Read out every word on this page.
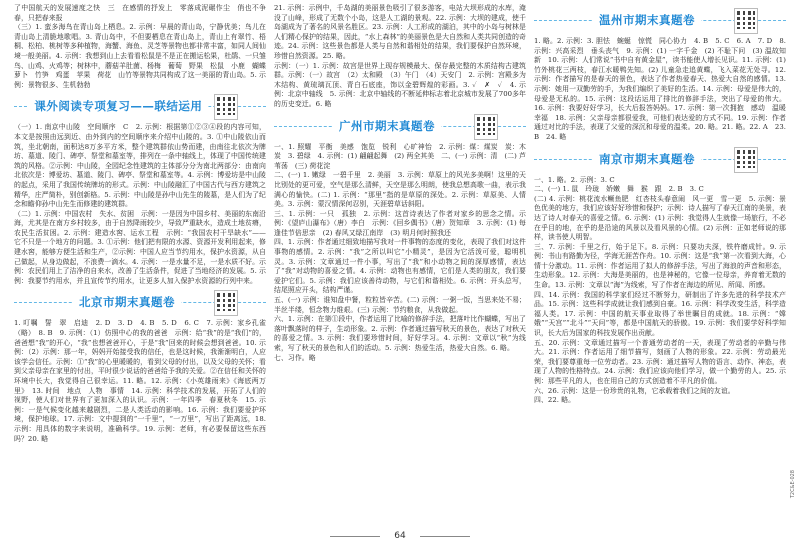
了中国航天的发展速度之快　三　在感情的抒发上　零落成泥碾作尘　俏也不争春，只把春来报

（三）1. 蛮多海鸟在青山岛上栖息。2. 示例：早晨的青山岛，宁静优美；鸟儿在青山岛上清脆地歌唱。3. 青山岛中，不但要栖息在青山岛上，青山上有翠竹、梧桐、松柏、桃树等多种植物，海蟹、海鱼、灵芝等景物也都非常丰富，如同人间仙境一般美丽。4. 示例：我想到山上去看看松鼠是不是正在搬运松果，杜鹃、一只雏鸟、山鸡、火鸡等；树林中，蘑菇羊肚菌、杨梅　葡萄　野果　松鼠　小鹿　蝴蝶　萝卜　竹笋　鸡蛋　苹果　荷花　山竹等景物共同构成了这一美丽的青山岛。5. 示例：景物很多、生机勃勃

课外阅读专项复习——联结运用

（一）1. 南京中山陵　空间顺序　C　2. 示例：根据第①②③④段的内容可知，本文是按照由远到近、由外到内的空间顺序来介绍中山陵的。3. ①中山陵依山而筑，坐北朝南，面积达8万多平方米，整个建筑群依山势而建，由南往北依次为牌坊、墓道、陵门、碑亭、祭堂和墓室等，排列在一条中轴线上，体现了中国传统建筑的风格。②示例：中山陵，全园纪念性建筑的主体部分分为南北两部分：由南向北依次是：博爱坊、墓道、陵门、碑亭、祭堂和墓室等。4. 示例：博爱坊是中山陵的起点，采用了我国传统牌坊的形式。示例：中山陵融汇了中国古代与西方建筑之精华，庄严简朴，别创新格。5. 示例：中山陵是孙中山先生的陵墓，是人们为了纪念和瞻仰孙中山先生而修建的建筑群。

（二）1. 示例：中国农村　失水、贫困　示例：一是因为中国乡村、美丽的东南沿海，尤其是在南方乡村较多，由于自然降雨较少，导致严重缺水，造成土地贫瘠，农民生活贫困。2. 示例：建造水窖、运水工程　示例：“我国农村干旱缺水”——它不只是一个地方的问题。3. ①示例：他们把有限的水源、资源开发利用起来，修建水窖，能够方便生活和生产，②示例：中国人应当节约用水，保护水资源，从自己做起，从身边做起，不浪费一滴水。4. 示例：一是水量不足，一是水质不好。示例：农民们用上了洁净的自来水，改善了生活条件，促进了当地经济的发展。5. 示例：我要节约用水，并且宣传节约用水，让更多人加入保护水资源的行列中来。

北京市期末真题卷

1. 叮嘱　誓　翠　启迪　2. D　3. D　4. B　5. D　6. C　7. 示例：家乡孔雀（略）　8. B　9. 示例：（1）仿照中心的我的爸爸　示例：给“我”的是“我们”的，爸爸想“我”的开心，“我”也想爸爸开心，于是“我”回来的时候会想到爸爸。10. 示例：（2）示例：那一年，妈妈开始接受我的信任，也是这时候，我渐渐明白，人应该学会信任。示例：①“我”的心里暖暖的，看到父母的付出，以及父母的关怀；看到父亲母亲在家里的付出，平时很少说话的爸爸给予我的关爱。②在信任和关怀的环境中长大，我觉得自己很幸运。11. 略。12. 示例：《小英雄雨来》《海底两万里》　13. 时间　地点　人物　事情　14. 示例：科学技术的发展，开拓了人们的视野，使人们对世界有了更加深入的认识。示例：一年四季　春夏秋冬　15. 示例：一是气候变化越来越剧烈，二是人类活动的影响。16. 示例：我们要爱护环境，保护地球。17. 示例：文中提到的“一千里”，“一万里”，写出了距离远，18. 示例：用具体的数字来说明，准确科学。19. 示例：老师，有必要保留这些东西吗？20. 略

21. 示例：示例中，千岛湖的美丽景色吸引了很多游客，电站大坝形成的水库，淹没了山峰，形成了无数个小岛，这是人工湖的景观。22. 示例：大坝的建成，使千岛湖成为了著名的风景名胜区。23. 示例：人工形成的湖泊，其中的小岛与树林是人们精心保护的结果，因此，“水上森林”的美丽景色是大自然和人类共同创造的奇迹。24. 示例：这些景色都是人类与自然和谐相处的结果，我们要保护自然环境，珍惜自然资源。25. 略。

示例：（一）1. 示例：故宫是世界上现存规模最大、保存最完整的木质结构古建筑群。示例：（一）故宫　（2）太和殿　（3）午门　（4）天安门　2. 示例：宫殿多为木结构、黄琉璃瓦顶、青白石底座，饰以金碧辉煌的彩画。3. ✓　✗　✓　4. 示例：北京中轴线　5. 示例：北京中轴线的不断延伸标志着北京城市发展了700多年的历史变迁。6. 略

广州市期末真题卷

一、1. 照耀　平衡　美感　饱览　锐利　心旷神怡　2. 示例：煤：煤炭　炭：木炭　3. 碧绿　4. 示例：(1) 翩翩起舞　(2) 两全其美　二、(一) 示例：清　(二) 芦苇荡　(三) 荷花淀

二、(一) 1. 嫩绿　一碧千里　2. 美丽　3. 示例：草原上的风光多美啊！这里的天比别处的更可爱，空气是那么清鲜，天空是那么明朗，使我总想高歌一曲，表示我满心的愉快。(二) 1. 示例：“那里”指的是草原的深处。2. 示例：草原美、人情美。3. 示例：蒙汉情深何忍别，天涯碧草话斜阳。

三、1. 示例：一只　孤独　2. 示例：这首诗表达了作者对家乡的思念之情。示例：《望庐山瀑布》（唐）李白　示例：《回乡偶书》（唐）贺知章　3. 示例：(1) 每逢佳节倍思亲　(2) 春风又绿江南岸　(3) 明月何时照我还

四、1. 示例：作者通过细致地描写我对一件事物的态度的变化，表现了我们对这件事物的感情。2. 示例：“我”之所以叫它“小精灵”，是因为它活泼可爱，聪明机灵。3. 示例：文章通过一件小事，写出了“我”和小动物之间的深厚感情，表达了“我”对动物的喜爱之情。4. 示例：动物也有感情，它们是人类的朋友，我们要爱护它们。5. 示例：我们应该善待动物，与它们和谐相处。6. 示例：开头总写，结尾照应开头，结构严谨。

五、(一) 示例：谁知盘中餐，粒粒皆辛苦。(二) 示例：一粥一饭，当思来处不易；半丝半缕，恒念物力维艰。(三) 示例：节约粮食，从我做起。

六、1. 示例：在第①段中，作者运用了比喻的修辞手法，把落叶比作蝴蝶，写出了落叶飘落时的样子，生动形象。2. 示例：作者通过描写秋天的景色，表达了对秋天的喜爱之情。3. 示例：我们要珍惜时间，好好学习。4. 示例：文章以“秋”为线索，写了秋天的景色和人们的活动。5. 示例：热爱生活，热爱大自然。6. 略。

七、习作。略

温州市期末真题卷

1. 略。2. 示例：3. 胆怯　蜿蜒　惊慌　同心协力　4. B　5. C　6. A　7. D　8. 示例：兴高采烈　垂头丧气　9. 示例：(1) 一字千金　(2) 不耻下问　(3) 温故知新　10. 示例：人们常说“书中自有黄金屋”，读书能使人增长见识。11. 示例：(1) 竹外桃花三两枝，春江水暖鸭先知。(2) 儿童急走追黄蝶，飞入菜花无处寻。12. 示例：作者描写的是春天的景色，表达了作者热爱春天、热爱大自然的感情。13. 示例：她用一双勤劳的手，为我们编织了美好的生活。14. 示例：母爱是伟大的，母爱是无私的。15. 示例：这段话运用了排比的修辞手法，突出了母爱的伟大。16. 示例：我要好好学习，长大后报答妈妈。17. 示例：第一次拥抱　感动　温暖　幸福　18. 示例：父亲母亲都很爱我，可他们表达爱的方式不同。19. 示例：作者通过对比的手法，表现了父爱的深沉和母爱的温柔。20. 略。21. 略。22. A　23. B　24. 略

南京市期末真题卷

一、1. 略。2. 示例：3. C

二、(一) 1. 鼠　玲珑　娇嫩　舞　猴　跟　2. B　3. C

(二) 4. 示例：桃花流水鳜鱼肥　红杏枝头春意闹　风一更　雪一更　5. 示例：景色优美的地方，我们应该好好珍惜和保护；示例：诗人描写了春天江南的美景，表达了诗人对春天的喜爱之情。6. 示例：(1) 示例：我觉得人生就像一场旅行，不必在乎目的地，在乎的是沿途的风景以及看风景的心情。(2) 示例：正如老师说的那样，读书使人明智。

三、7. 示例：千里之行，始于足下。8. 示例：只要功夫深，铁杵磨成针。9. 示例：书山有路勤为径，学海无涯苦作舟。10. 示例：这是“我”第一次看到大海，心情十分激动。11. 示例：作者运用了拟人的修辞手法，写出了海浪的声音和形态，生动形象。12. 示例：大海是美丽的，也是神秘的，它像一位母亲，养育着无数的生命。13. 示例：文章以“海”为线索，写了作者在海边的所见、所闻、所感。

四、14. 示例：我国的科学家们经过不断努力，研制出了许多先进的科学技术产品。15. 示例：这些科学成就让我们感到自豪。16. 示例：科学改变生活，科学造福人类。17. 示例：中国的航天事业取得了举世瞩目的成就。18. 示例：“嫦娥”“天宫”“北斗”“天问”等，都是中国航天的骄傲。19. 示例：我们要学好科学知识，长大后为国家的科技发展作出贡献。

五、20. 示例：文章通过描写一个普通劳动者的一天，表现了劳动者的辛勤与伟大。21. 示例：作者运用了细节描写，刻画了人物的形象。22. 示例：劳动最光荣，我们要尊重每一位劳动者。23. 示例：通过描写人物的语言、动作、神态，表现了人物的性格特点。24. 示例：我们应该向他们学习，做一个勤劳的人。25. 示例：那些平凡的人，也在用自己的方式创造着不平凡的价值。

六、26. 示例：这是一份珍贵的礼物，它承载着我们之间的友谊。

四、22. 略。

64
T2C&E-028
